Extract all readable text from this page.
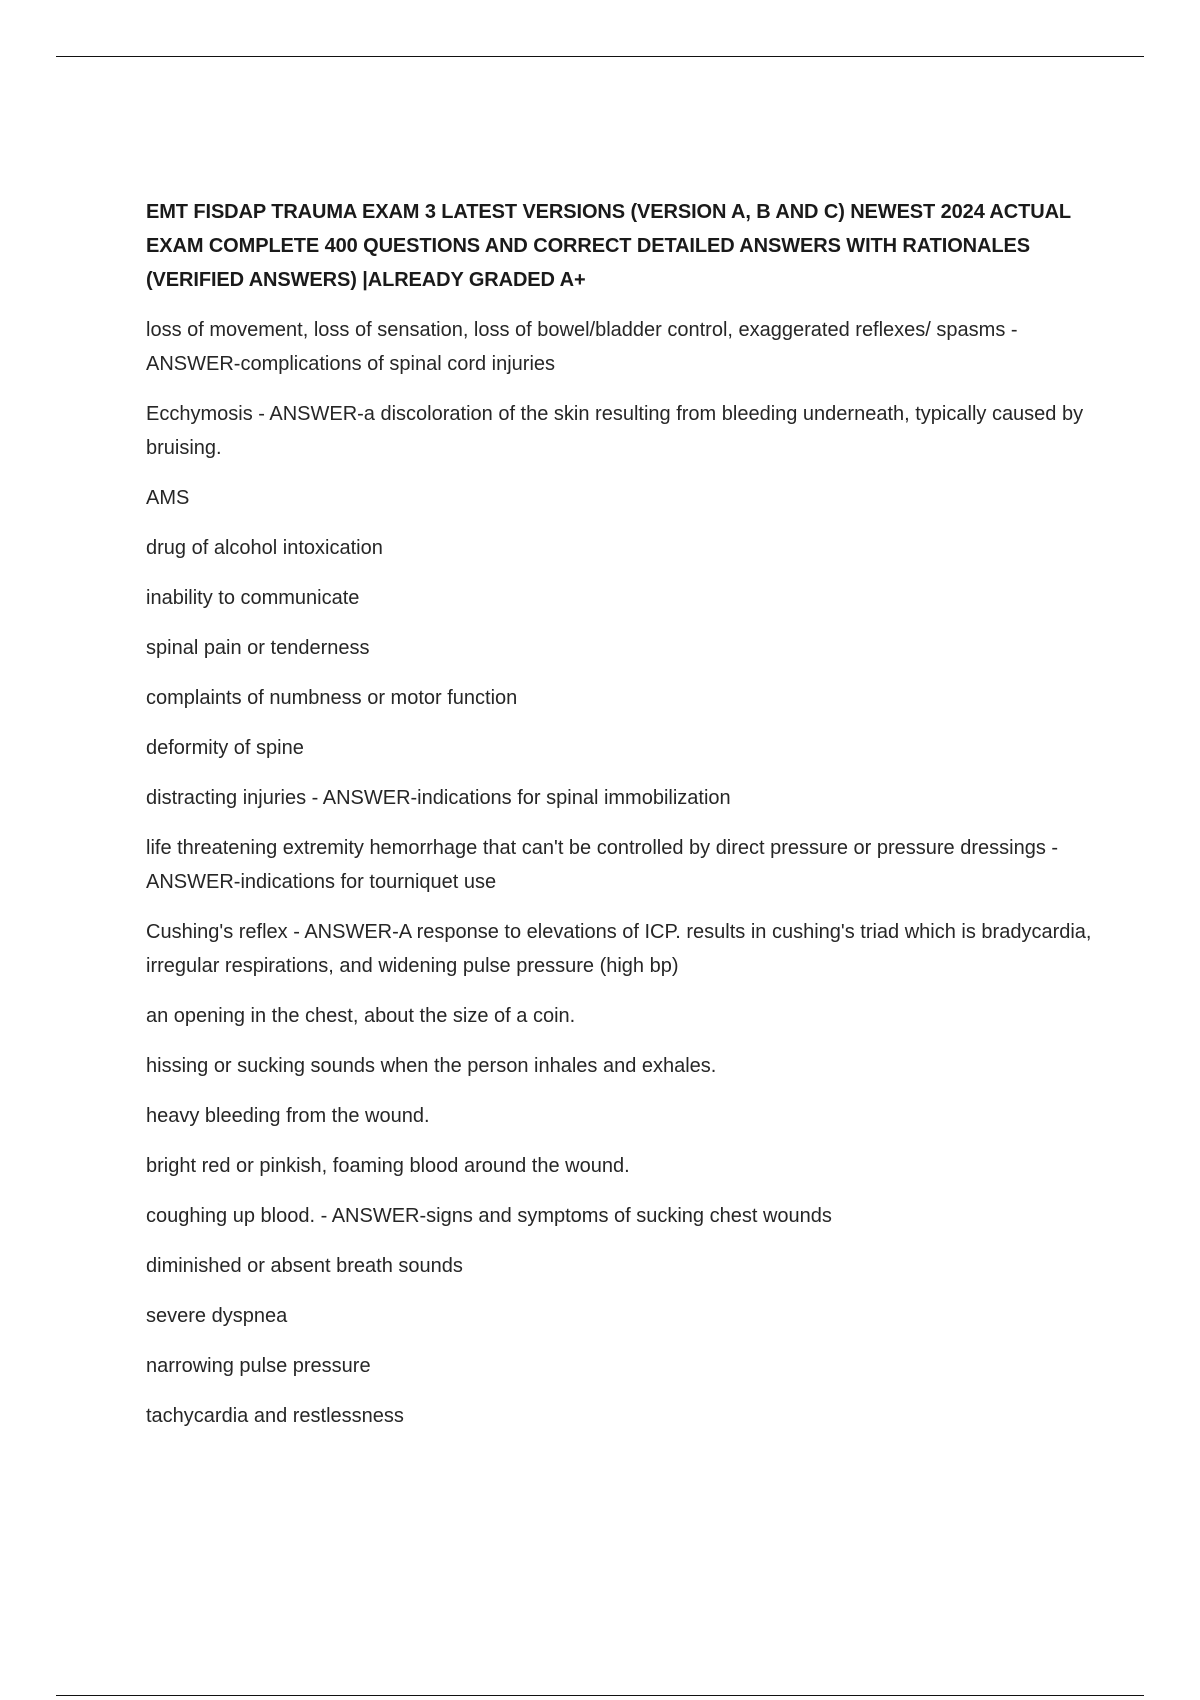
EMT FISDAP TRAUMA EXAM 3 LATEST VERSIONS (VERSION A, B AND C) NEWEST 2024 ACTUAL EXAM COMPLETE 400 QUESTIONS AND CORRECT DETAILED ANSWERS WITH RATIONALES (VERIFIED ANSWERS) |ALREADY GRADED A+

loss of movement, loss of sensation, loss of bowel/bladder control, exaggerated reflexes/ spasms - ANSWER-complications of spinal cord injuries

Ecchymosis - ANSWER-a discoloration of the skin resulting from bleeding underneath, typically caused by bruising.

AMS

drug of alcohol intoxication

inability to communicate

spinal pain or tenderness

complaints of numbness or motor function

deformity of spine

distracting injuries - ANSWER-indications for spinal immobilization

life threatening extremity hemorrhage that can't be controlled by direct pressure or pressure dressings - ANSWER-indications for tourniquet use

Cushing's reflex - ANSWER-A response to elevations of ICP. results in cushing's triad which is bradycardia, irregular respirations, and widening pulse pressure (high bp)

an opening in the chest, about the size of a coin.

hissing or sucking sounds when the person inhales and exhales.

heavy bleeding from the wound.

bright red or pinkish, foaming blood around the wound.

coughing up blood. - ANSWER-signs and symptoms of sucking chest wounds

diminished or absent breath sounds

severe dyspnea

narrowing pulse pressure

tachycardia and restlessness
